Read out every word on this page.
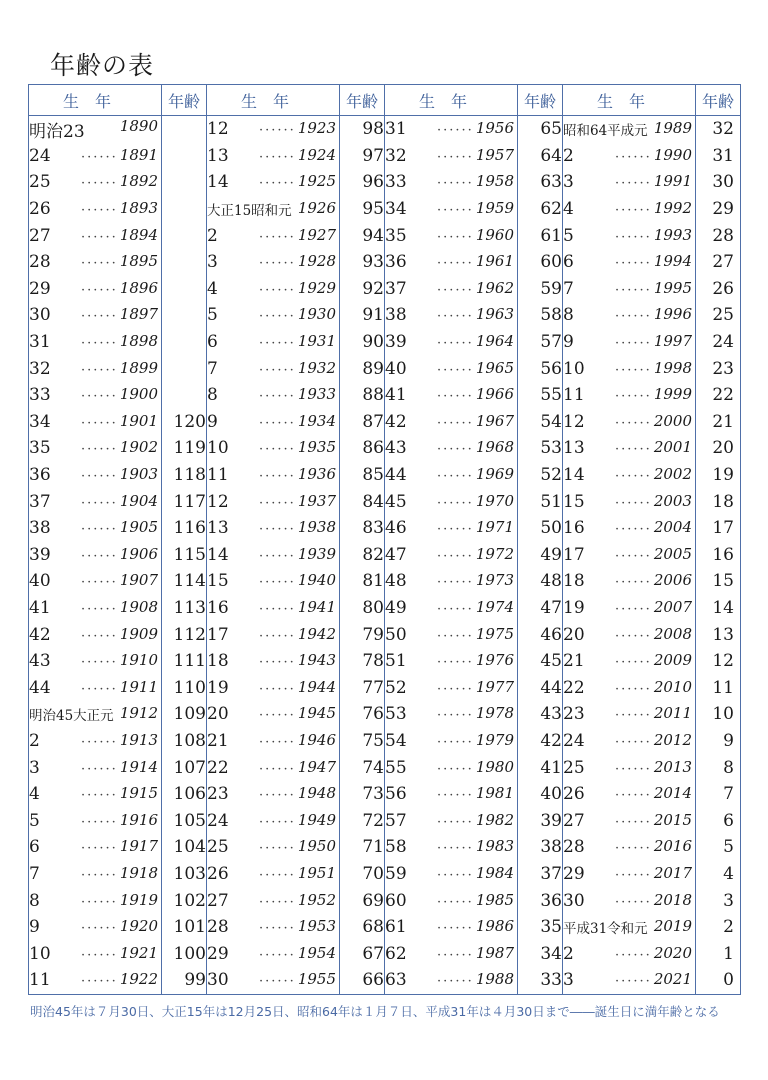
年齢の表
生年	年齢	生年	年齢	生年	年齢	生年	年齢
明治23 1890		12 ······ 1923	98	31 ······ 1956	65	昭和64平成元 1989	32
24 ······ 1891		13 ······ 1924	97	32 ······ 1957	64	2 ······ 1990	31
25 ······ 1892		14 ······ 1925	96	33 ······ 1958	63	3 ······ 1991	30
26 ······ 1893		大正15昭和元 1926	95	34 ······ 1959	62	4 ······ 1992	29
27 ······ 1894		2 ······ 1927	94	35 ······ 1960	61	5 ······ 1993	28
28 ······ 1895		3 ······ 1928	93	36 ······ 1961	60	6 ······ 1994	27
29 ······ 1896		4 ······ 1929	92	37 ······ 1962	59	7 ······ 1995	26
30 ······ 1897		5 ······ 1930	91	38 ······ 1963	58	8 ······ 1996	25
31 ······ 1898		6 ······ 1931	90	39 ······ 1964	57	9 ······ 1997	24
32 ······ 1899		7 ······ 1932	89	40 ······ 1965	56	10 ······ 1998	23
33 ······ 1900		8 ······ 1933	88	41 ······ 1966	55	11 ······ 1999	22
34 ······ 1901	120	9 ······ 1934	87	42 ······ 1967	54	12 ······ 2000	21
35 ······ 1902	119	10 ······ 1935	86	43 ······ 1968	53	13 ······ 2001	20
36 ······ 1903	118	11 ······ 1936	85	44 ······ 1969	52	14 ······ 2002	19
37 ······ 1904	117	12 ······ 1937	84	45 ······ 1970	51	15 ······ 2003	18
38 ······ 1905	116	13 ······ 1938	83	46 ······ 1971	50	16 ······ 2004	17
39 ······ 1906	115	14 ······ 1939	82	47 ······ 1972	49	17 ······ 2005	16
40 ······ 1907	114	15 ······ 1940	81	48 ······ 1973	48	18 ······ 2006	15
41 ······ 1908	113	16 ······ 1941	80	49 ······ 1974	47	19 ······ 2007	14
42 ······ 1909	112	17 ······ 1942	79	50 ······ 1975	46	20 ······ 2008	13
43 ······ 1910	111	18 ······ 1943	78	51 ······ 1976	45	21 ······ 2009	12
44 ······ 1911	110	19 ······ 1944	77	52 ······ 1977	44	22 ······ 2010	11
明治45大正元 1912	109	20 ······ 1945	76	53 ······ 1978	43	23 ······ 2011	10
2 ······ 1913	108	21 ······ 1946	75	54 ······ 1979	42	24 ······ 2012	9
3 ······ 1914	107	22 ······ 1947	74	55 ······ 1980	41	25 ······ 2013	8
4 ······ 1915	106	23 ······ 1948	73	56 ······ 1981	40	26 ······ 2014	7
5 ······ 1916	105	24 ······ 1949	72	57 ······ 1982	39	27 ······ 2015	6
6 ······ 1917	104	25 ······ 1950	71	58 ······ 1983	38	28 ······ 2016	5
7 ······ 1918	103	26 ······ 1951	70	59 ······ 1984	37	29 ······ 2017	4
8 ······ 1919	102	27 ······ 1952	69	60 ······ 1985	36	30 ······ 2018	3
9 ······ 1920	101	28 ······ 1953	68	61 ······ 1986	35	平成31令和元 2019	2
10 ······ 1921	100	29 ······ 1954	67	62 ······ 1987	34	2 ······ 2020	1
11 ······ 1922	99	30 ······ 1955	66	63 ······ 1988	33	3 ······ 2021	0
明治45年は７月30日、大正15年は12月25日、昭和64年は１月７日、平成31年は４月30日まで――誕生日に満年齢となる
